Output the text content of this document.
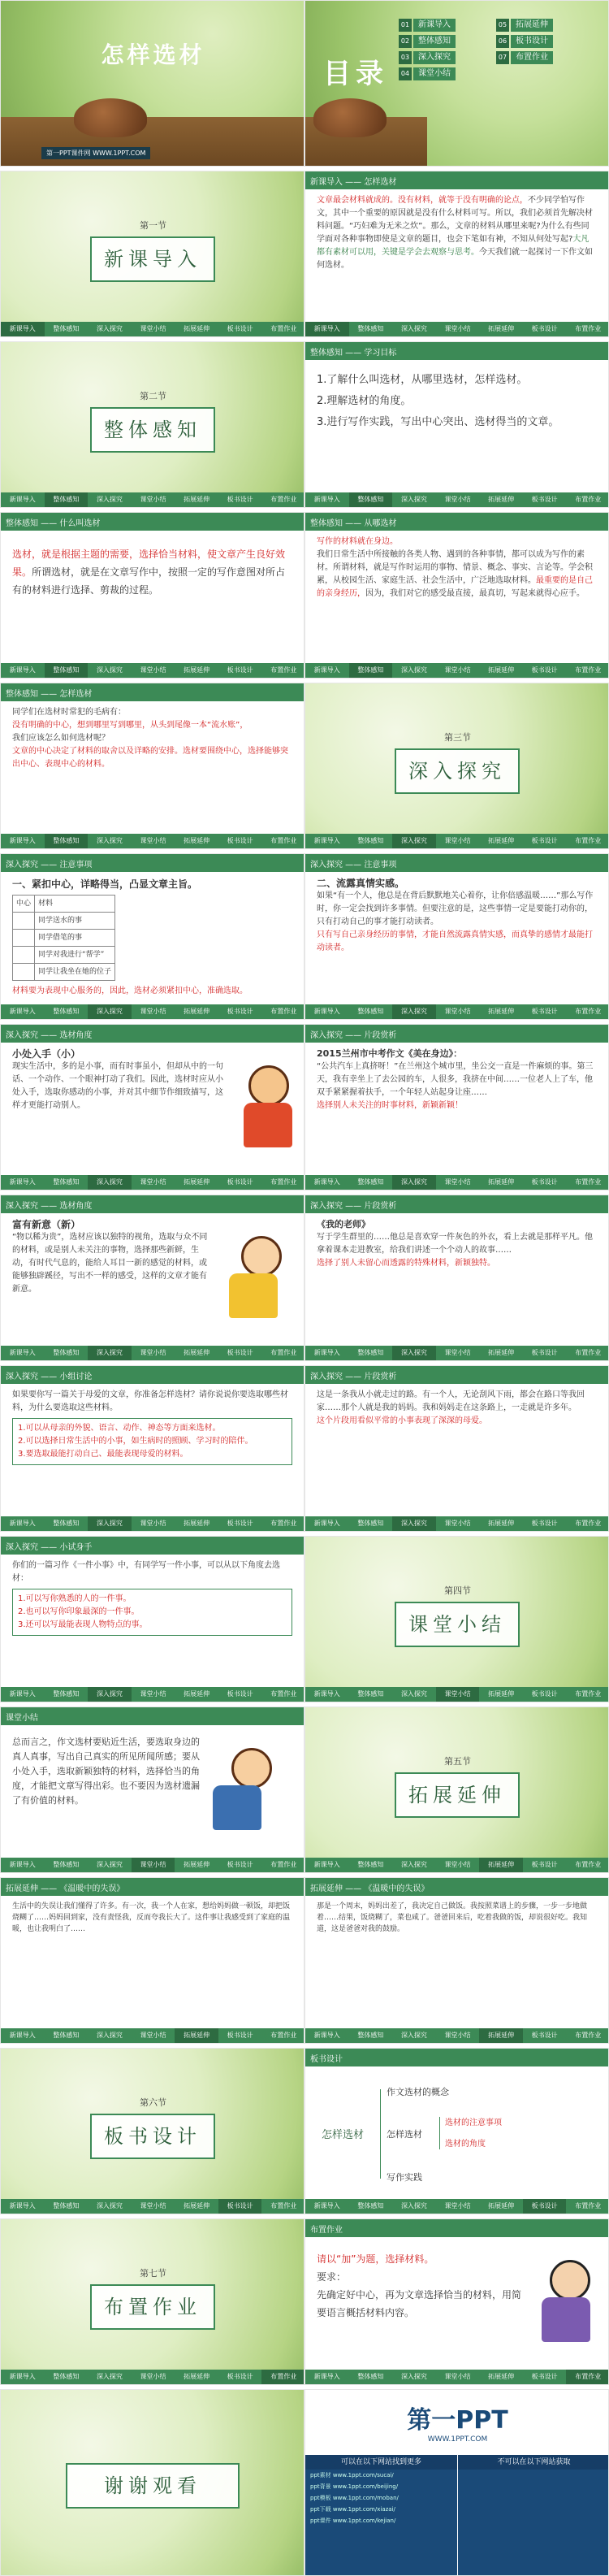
怎样选材
第一PPT课件网 WWW.1PPT.COM
目录
01	新课导入
02	整体感知
03	深入探究
04	课堂小结
05	拓展延伸
06	板书设计
07	布置作业
第一节
新课导入
新课导入	整体感知	深入探究	课堂小结	拓展延伸	板书设计	布置作业
新课导入 —— 怎样选材
文章最会材料就成的。没有材料，就等于没有明确的论点，不少同学怕写作文，其中一个重要的原因就是没有什么材料可写。所以，我们必须首先解决材料问题。“巧妇难为无米之炊”。那么，文章的材料从哪里来呢?为什么有些同学面对各种事物即使是文章的题目，也会下笔如有神，不知从何处写起?大凡都有素材可以用，关键是学会去观察与思考。今天我们就一起探讨一下作文如何选材。
新课导入	整体感知	深入探究	课堂小结	拓展延伸	板书设计	布置作业
第二节
整体感知
新课导入	整体感知	深入探究	课堂小结	拓展延伸	板书设计	布置作业
整体感知 —— 学习目标
1.了解什么叫选材，从哪里选材，怎样选材。
2.理解选材的角度。
3.进行写作实践，写出中心突出、选材得当的文章。
新课导入	整体感知	深入探究	课堂小结	拓展延伸	板书设计	布置作业
整体感知 —— 什么叫选材
选材，就是根据主题的需要，选择恰当材料，使文章产生良好效果。所谓选材，就是在文章写作中，按照一定的写作意图对所占有的材料进行选择、剪裁的过程。
新课导入	整体感知	深入探究	课堂小结	拓展延伸	板书设计	布置作业
整体感知 —— 从哪选材
写作的材料就在身边。
我们日常生活中所接触的各类人物、遇到的各种事情，都可以成为写作的素材。所谓材料，就是写作时运用的事物、情景、概念、事实、言论等。学会积累，从校园生活、家庭生活、社会生活中，广泛地选取材料。最重要的是自己的亲身经历，因为，我们对它的感受最直接，最真切，写起来就得心应手。
新课导入	整体感知	深入探究	课堂小结	拓展延伸	板书设计	布置作业
整体感知 —— 怎样选材
同学们在选材时常犯的毛病有：
没有明确的中心，想到哪里写到哪里，从头到尾像一本“流水账”，
我们应该怎么如何选材呢？
文章的中心决定了材料的取舍以及详略的安排。选材要围绕中心，选择能够突出中心、表现中心的材料。
新课导入	整体感知	深入探究	课堂小结	拓展延伸	板书设计	布置作业
第三节
深入探究
新课导入	整体感知	深入探究	课堂小结	拓展延伸	板书设计	布置作业
深入探究 —— 注意事项
一、紧扣中心，详略得当，凸显文章主旨。
中心	材料
	同学送水的事
	同学借笔的事
	同学对我进行“帮学”
	同学让我坐在她的位子
材料要为表现中心服务的，因此，选材必须紧扣中心，准确选取。
新课导入	整体感知	深入探究	课堂小结	拓展延伸	板书设计	布置作业
深入探究 —— 注意事项
二、流露真情实感。
如果“有一个人，他总是在背后默默地关心着你，让你倍感温暖……”那么写作时，你一定会找到许多事情。但要注意的是，这些事情一定是要能打动你的，只有打动自己的事才能打动读者。
只有写自己亲身经历的事情，才能自然流露真情实感，而真挚的感情才最能打动读者。
新课导入	整体感知	深入探究	课堂小结	拓展延伸	板书设计	布置作业
深入探究 —— 选材角度
小处入手（小）
现实生活中，多的是小事，而有时事虽小，但却从中的一句话、一个动作、一个眼神打动了我们。因此，选材时应从小处入手，选取你感动的小事，并对其中细节作细致描写，这样才更能打动别人。
新课导入	整体感知	深入探究	课堂小结	拓展延伸	板书设计	布置作业
深入探究 —— 片段赏析
2015兰州市中考作文《美在身边》：
“公共汽车上真挤呀！”在兰州这个城市里，坐公交一直是一件麻烦的事。第三天，我有幸坐上了去公园的车，人很多，我挤在中间……一位老人上了车，他双手紧紧握着扶手，一个年轻人站起身让座……
选择别人未关注的时事材料，新颖新颖！
新课导入	整体感知	深入探究	课堂小结	拓展延伸	板书设计	布置作业
深入探究 —— 选材角度
富有新意（新）
“物以稀为贵”，选材应该以独特的视角，选取与众不同的材料，或是别人未关注的事物，选择那些新鲜，生动，有时代气息的，能给人耳目一新的感觉的材料，或能够独辟蹊径，写出不一样的感受，这样的文章才能有新意。
新课导入	整体感知	深入探究	课堂小结	拓展延伸	板书设计	布置作业
深入探究 —— 片段赏析
《我的老师》
写于学生群里的……他总是喜欢穿一件灰色的外衣，看上去就是那样平凡。他拿着课本走进教室，给我们讲述一个个动人的故事……
选择了别人未留心而透露的特殊材料，新颖独特。
新课导入	整体感知	深入探究	课堂小结	拓展延伸	板书设计	布置作业
深入探究 —— 小组讨论
如果要你写一篇关于母爱的文章，你准备怎样选材？请你说说你要选取哪些材料，为什么要选取这些材料。
1.可以从母亲的外貌、语言、动作、神态等方面来选材。
2.可以选择日常生活中的小事，如生病时的照顾、学习时的陪伴。
3.要选取最能打动自己、最能表现母爱的材料。
新课导入	整体感知	深入探究	课堂小结	拓展延伸	板书设计	布置作业
深入探究 —— 片段赏析
这是一条我从小就走过的路。有一个人，无论刮风下雨，都会在路口等我回家……那个人就是我的妈妈。我和妈妈走在这条路上，一走就是许多年。
这个片段用看似平常的小事表现了深深的母爱。
新课导入	整体感知	深入探究	课堂小结	拓展延伸	板书设计	布置作业
深入探究 —— 小试身手
你们的一篇习作《一件小事》中，有同学写一件小事，可以从以下角度去选材：
1.可以写你熟悉的人的一件事。
2.也可以写你印象最深的一件事。
3.还可以写最能表现人物特点的事。
新课导入	整体感知	深入探究	课堂小结	拓展延伸	板书设计	布置作业
第四节
课堂小结
新课导入	整体感知	深入探究	课堂小结	拓展延伸	板书设计	布置作业
课堂小结
总而言之，作文选材要贴近生活，要选取身边的真人真事，写出自己真实的所见所闻所感；要从小处入手，选取新颖独特的材料，选择恰当的角度，才能把文章写得出彩。也不要因为选材遗漏了有价值的材料。
新课导入	整体感知	深入探究	课堂小结	拓展延伸	板书设计	布置作业
第五节
拓展延伸
新课导入	整体感知	深入探究	课堂小结	拓展延伸	板书设计	布置作业
拓展延伸 —— 《温暖中的失误》
生活中的失误让我们懂得了许多。有一次，我一个人在家，想给妈妈做一顿饭，却把饭烧糊了……妈妈回到家，没有责怪我，反而夸我长大了。这件事让我感受到了家庭的温暖，也让我明白了……
新课导入	整体感知	深入探究	课堂小结	拓展延伸	板书设计	布置作业
拓展延伸 —— 《温暖中的失误》
那是一个周末，妈妈出差了，我决定自己做饭。我按照菜谱上的步骤，一步一步地做着……结果，饭烧糊了，菜也咸了。爸爸回来后，吃着我做的饭，却说很好吃。我知道，这是爸爸对我的鼓励。
新课导入	整体感知	深入探究	课堂小结	拓展延伸	板书设计	布置作业
第六节
板书设计
新课导入	整体感知	深入探究	课堂小结	拓展延伸	板书设计	布置作业
板书设计
怎样选材
作文选材的概念
怎样选材
写作实践
选材的注意事项
选材的角度
新课导入	整体感知	深入探究	课堂小结	拓展延伸	板书设计	布置作业
第七节
布置作业
新课导入	整体感知	深入探究	课堂小结	拓展延伸	板书设计	布置作业
布置作业
请以“加”为题，选择材料。
要求：
先确定好中心，再为文章选择恰当的材料，用简要语言概括材料内容。
新课导入	整体感知	深入探究	课堂小结	拓展延伸	板书设计	布置作业
谢谢观看
第一PPT
WWW.1PPT.COM
可以在以下网站找到更多
ppt素材 www.1ppt.com/sucai/
ppt背景 www.1ppt.com/beijing/
ppt模板 www.1ppt.com/moban/
ppt下载 www.1ppt.com/xiazai/
ppt课件 www.1ppt.com/kejian/
不可以在以下网站获取
